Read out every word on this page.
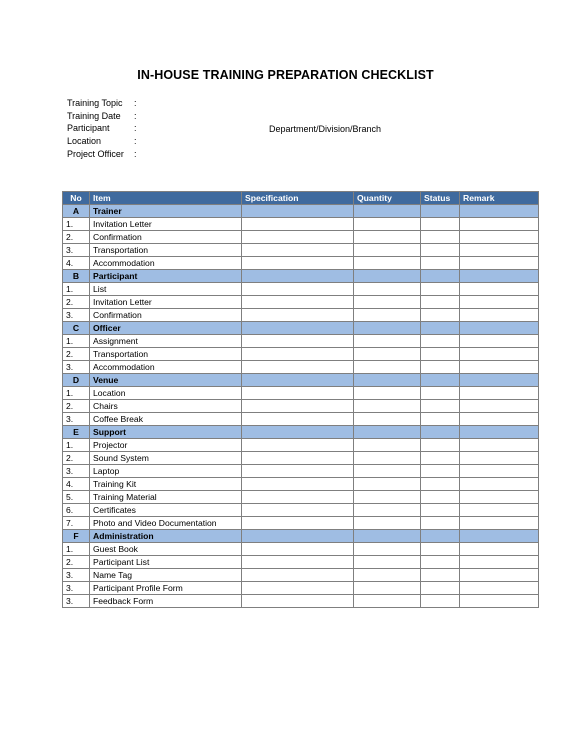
IN-HOUSE TRAINING PREPARATION CHECKLIST
Training Topic	:
Training Date	:
Participant	:
Location	:
Project Officer	:
Department/Division/Branch
No	Item	Specification	Quantity	Status	Remark
A	Trainer				
1.	Invitation Letter				
2.	Confirmation				
3.	Transportation				
4.	Accommodation				
B	Participant				
1.	List				
2.	Invitation Letter				
3.	Confirmation				
C	Officer				
1.	Assignment				
2.	Transportation				
3.	Accommodation				
D	Venue				
1.	Location				
2.	Chairs				
3.	Coffee Break				
E	Support				
1.	Projector				
2.	Sound System				
3.	Laptop				
4.	Training Kit				
5.	Training Material				
6.	Certificates				
7.	Photo and Video Documentation				
F	Administration				
1.	Guest Book				
2.	Participant List				
3.	Name Tag				
3.	Participant Profile Form				
3.	Feedback Form				
